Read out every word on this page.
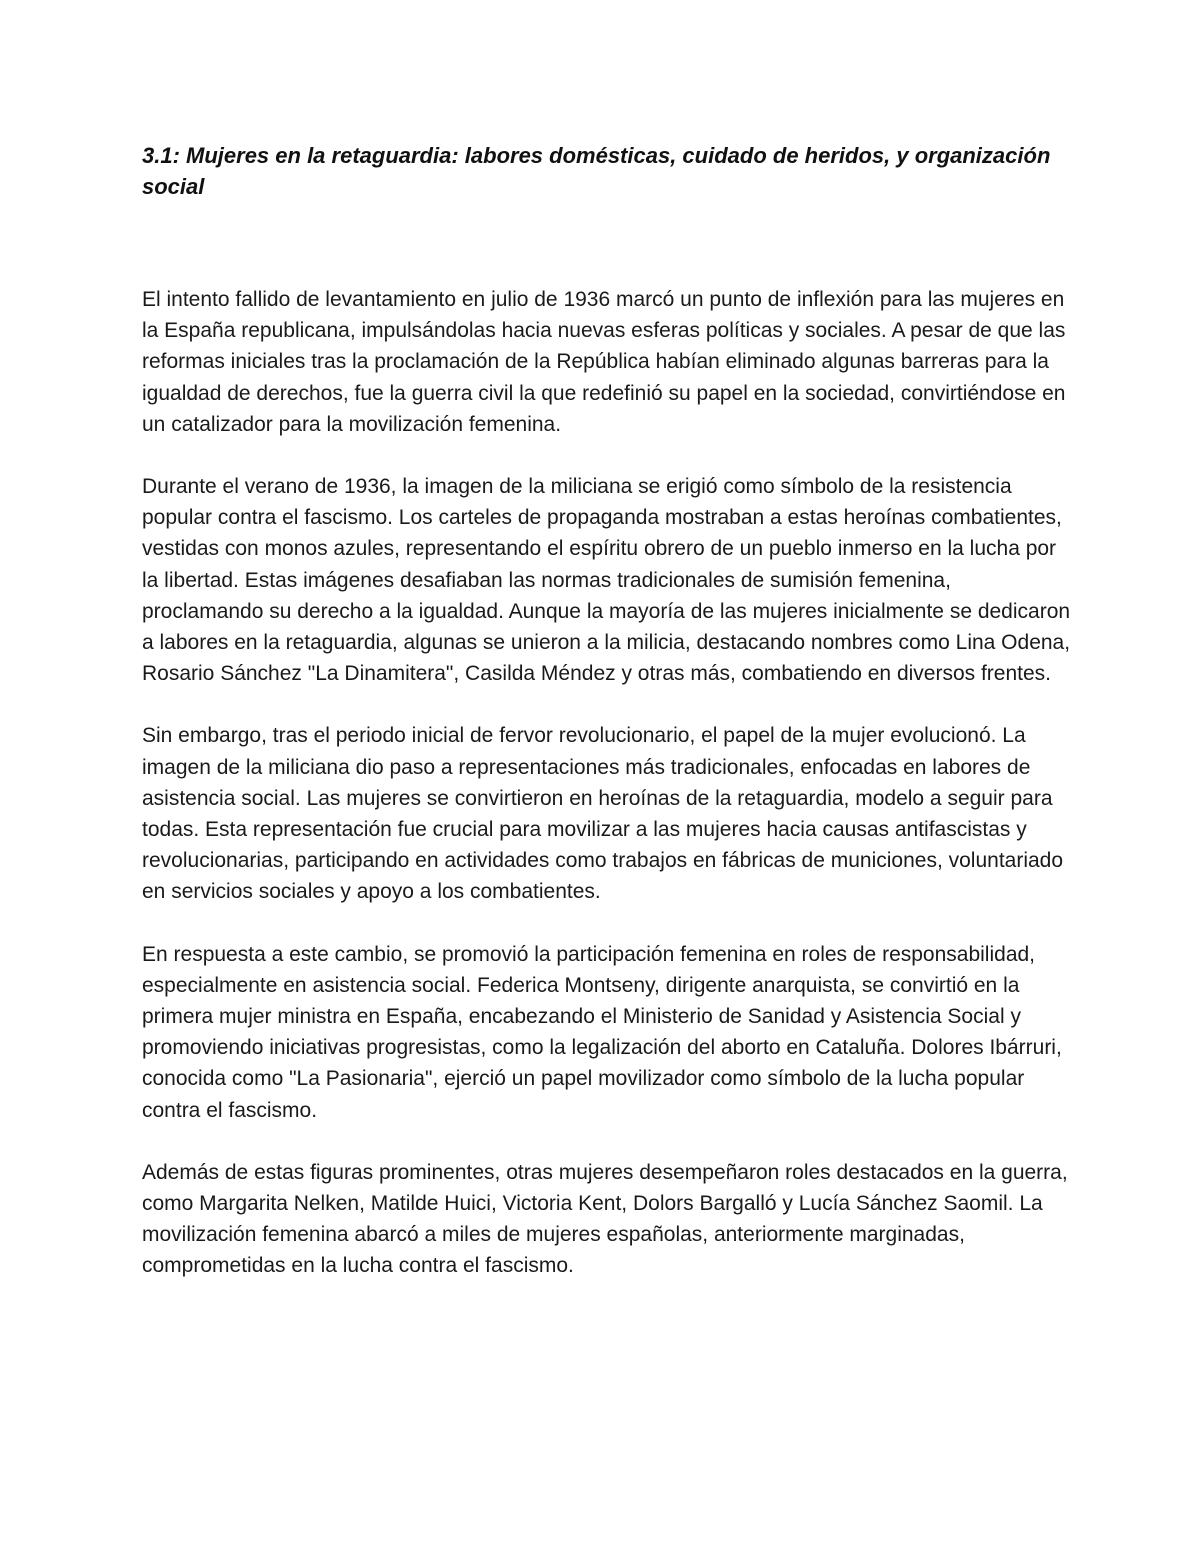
3.1: Mujeres en la retaguardia: labores domésticas, cuidado de heridos, y organización social

El intento fallido de levantamiento en julio de 1936 marcó un punto de inflexión para las mujeres en la España republicana, impulsándolas hacia nuevas esferas políticas y sociales. A pesar de que las reformas iniciales tras la proclamación de la República habían eliminado algunas barreras para la igualdad de derechos, fue la guerra civil la que redefinió su papel en la sociedad, convirtiéndose en un catalizador para la movilización femenina.

Durante el verano de 1936, la imagen de la miliciana se erigió como símbolo de la resistencia popular contra el fascismo. Los carteles de propaganda mostraban a estas heroínas combatientes, vestidas con monos azules, representando el espíritu obrero de un pueblo inmerso en la lucha por la libertad. Estas imágenes desafiaban las normas tradicionales de sumisión femenina, proclamando su derecho a la igualdad. Aunque la mayoría de las mujeres inicialmente se dedicaron a labores en la retaguardia, algunas se unieron a la milicia, destacando nombres como Lina Odena, Rosario Sánchez "La Dinamitera", Casilda Méndez y otras más, combatiendo en diversos frentes.

Sin embargo, tras el periodo inicial de fervor revolucionario, el papel de la mujer evolucionó. La imagen de la miliciana dio paso a representaciones más tradicionales, enfocadas en labores de asistencia social. Las mujeres se convirtieron en heroínas de la retaguardia, modelo a seguir para todas. Esta representación fue crucial para movilizar a las mujeres hacia causas antifascistas y revolucionarias, participando en actividades como trabajos en fábricas de municiones, voluntariado en servicios sociales y apoyo a los combatientes.

En respuesta a este cambio, se promovió la participación femenina en roles de responsabilidad, especialmente en asistencia social. Federica Montseny, dirigente anarquista, se convirtió en la primera mujer ministra en España, encabezando el Ministerio de Sanidad y Asistencia Social y promoviendo iniciativas progresistas, como la legalización del aborto en Cataluña. Dolores Ibárruri, conocida como "La Pasionaria", ejerció un papel movilizador como símbolo de la lucha popular contra el fascismo.

Además de estas figuras prominentes, otras mujeres desempeñaron roles destacados en la guerra, como Margarita Nelken, Matilde Huici, Victoria Kent, Dolors Bargalló y Lucía Sánchez Saomil. La movilización femenina abarcó a miles de mujeres españolas, anteriormente marginadas, comprometidas en la lucha contra el fascismo.
